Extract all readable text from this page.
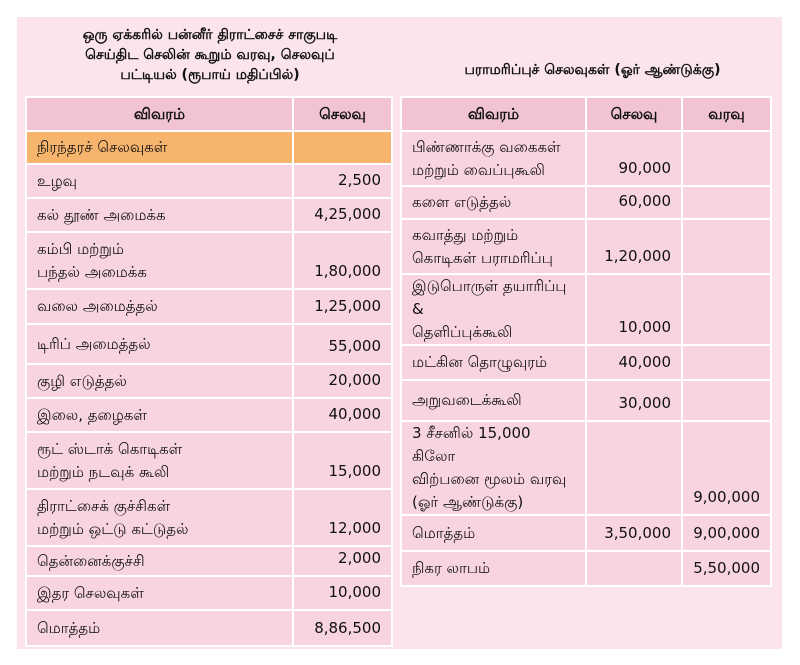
ஒரு ஏக்கரில் பன்னீர் திராட்சைச் சாகுபடி
செய்திட செலின் கூறும் வரவு, செலவுப்
பட்டியல் (ரூபாய் மதிப்பில்)	பராமரிப்புச் செலவுகள் (ஓர் ஆண்டுக்கு)
விவரம்	செலவு
நிரந்தரச் செலவுகள்	
உழவு	2,500
கல் தூண் அமைக்க	4,25,000
கம்பி மற்றும்
பந்தல் அமைக்க	1,80,000
வலை அமைத்தல்	1,25,000
டிரிப் அமைத்தல்	55,000
குழி எடுத்தல்	20,000
இலை, தழைகள்	40,000
ரூட் ஸ்டாக் கொடிகள்
மற்றும் நடவுக் கூலி	15,000
திராட்சைக் குச்சிகள்
மற்றும் ஒட்டு கட்டுதல்	12,000
தென்னைக்குச்சி	2,000
இதர செலவுகள்	10,000
மொத்தம்	8,86,500
விவரம்	செலவு	வரவு
பிண்ணாக்கு வகைகள்
மற்றும் வைப்புகூலி	90,000	
களை எடுத்தல்	60,000	
கவாத்து மற்றும்
கொடிகள் பராமரிப்பு	1,20,000	
இடுபொருள் தயாரிப்பு &
தெளிப்புக்கூலி	10,000	
மட்கின தொழுவுரம்	40,000	
அறுவடைக்கூலி	30,000	
3 சீசனில் 15,000 கிலோ
விற்பனை மூலம் வரவு
(ஓர் ஆண்டுக்கு)		9,00,000
மொத்தம்	3,50,000	9,00,000
நிகர லாபம்		5,50,000
